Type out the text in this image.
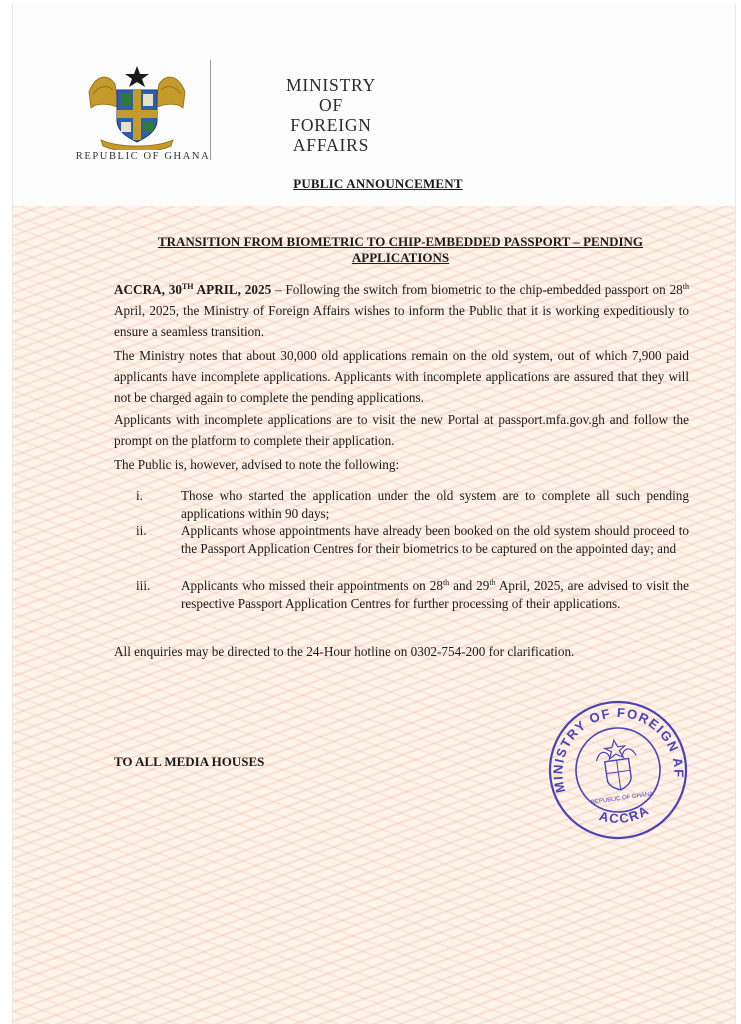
REPUBLIC OF GHANA
MINISTRY
OF
FOREIGN AFFAIRS
PUBLIC ANNOUNCEMENT
TRANSITION FROM BIOMETRIC TO CHIP-EMBEDDED PASSPORT – PENDING APPLICATIONS

ACCRA, 30TH APRIL, 2025 – Following the switch from biometric to the chip-embedded passport on 28th April, 2025, the Ministry of Foreign Affairs wishes to inform the Public that it is working expeditiously to ensure a seamless transition.

The Ministry notes that about 30,000 old applications remain on the old system, out of which 7,900 paid applicants have incomplete applications. Applicants with incomplete applications are assured that they will not be charged again to complete the pending applications.

Applicants with incomplete applications are to visit the new Portal at passport.mfa.gov.gh and follow the prompt on the platform to complete their application.

The Public is, however, advised to note the following:

i.	Those who started the application under the old system are to complete all such pending applications within 90 days;
ii.	Applicants whose appointments have already been booked on the old system should proceed to the Passport Application Centres for their biometrics to be captured on the appointed day; and
iii. Applicants who missed their appointments on 28th and 29th April, 2025, are advised to visit the respective Passport Application Centres for further processing of their applications.

All enquiries may be directed to the 24-Hour hotline on 0302-754-200 for clarification.

TO ALL MEDIA HOUSES
MINISTRY OF FOREIGN AFFAIRS
ACCRA
REPUBLIC OF GHANA
